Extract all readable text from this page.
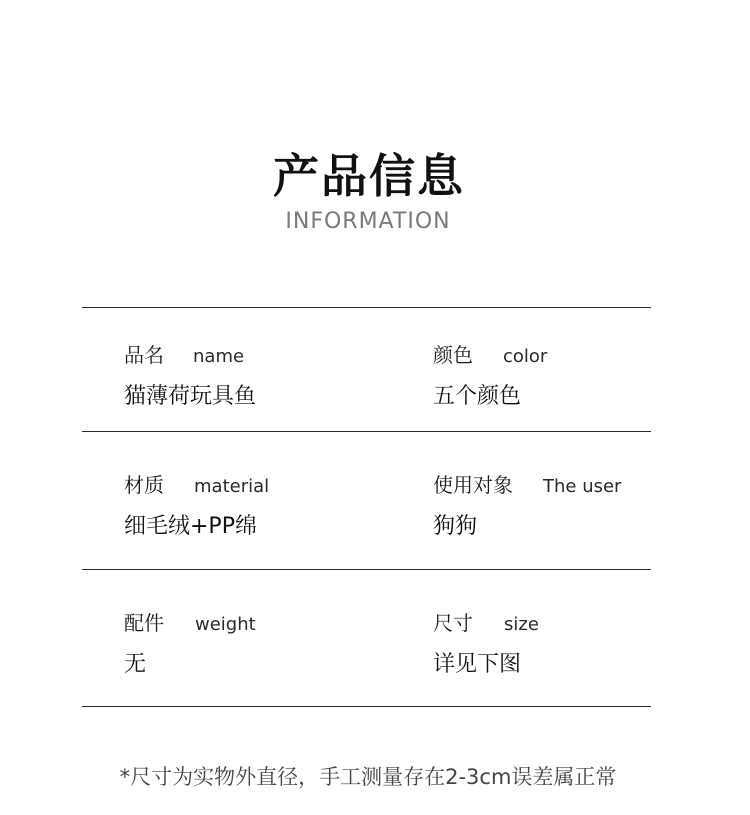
产品信息
INFORMATION
品名 name
猫薄荷玩具鱼
颜色 color
五个颜色
材质 material
细毛绒+PP绵
使用对象 The user
狗狗
配件 weight
无
尺寸 size
详见下图
*尺寸为实物外直径，手工测量存在2-3cm误差属正常
